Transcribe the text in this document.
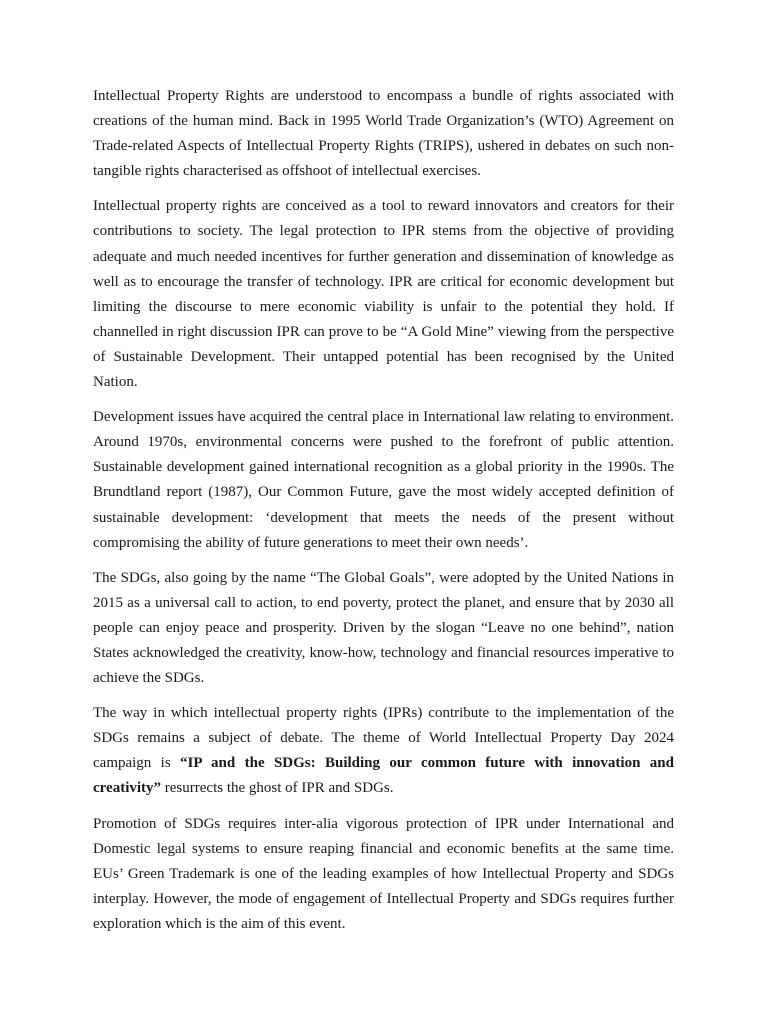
Intellectual Property Rights are understood to encompass a bundle of rights associated with creations of the human mind. Back in 1995 World Trade Organization’s (WTO) Agreement on Trade-related Aspects of Intellectual Property Rights (TRIPS), ushered in debates on such non-tangible rights characterised as offshoot of intellectual exercises.

Intellectual property rights are conceived as a tool to reward innovators and creators for their contributions to society. The legal protection to IPR stems from the objective of providing adequate and much needed incentives for further generation and dissemination of knowledge as well as to encourage the transfer of technology. IPR are critical for economic development but limiting the discourse to mere economic viability is unfair to the potential they hold. If channelled in right discussion IPR can prove to be “A Gold Mine” viewing from the perspective of Sustainable Development. Their untapped potential has been recognised by the United Nation.

Development issues have acquired the central place in International law relating to environment. Around 1970s, environmental concerns were pushed to the forefront of public attention. Sustainable development gained international recognition as a global priority in the 1990s. The Brundtland report (1987), Our Common Future, gave the most widely accepted definition of sustainable development: ‘development that meets the needs of the present without compromising the ability of future generations to meet their own needs’.

The SDGs, also going by the name “The Global Goals”, were adopted by the United Nations in 2015 as a universal call to action, to end poverty, protect the planet, and ensure that by 2030 all people can enjoy peace and prosperity. Driven by the slogan “Leave no one behind”, nation States acknowledged the creativity, know-how, technology and financial resources imperative to achieve the SDGs.

The way in which intellectual property rights (IPRs) contribute to the implementation of the SDGs remains a subject of debate. The theme of World Intellectual Property Day 2024 campaign is “IP and the SDGs: Building our common future with innovation and creativity” resurrects the ghost of IPR and SDGs.

Promotion of SDGs requires inter-alia vigorous protection of IPR under International and Domestic legal systems to ensure reaping financial and economic benefits at the same time. EUs’ Green Trademark is one of the leading examples of how Intellectual Property and SDGs interplay. However, the mode of engagement of Intellectual Property and SDGs requires further exploration which is the aim of this event.
